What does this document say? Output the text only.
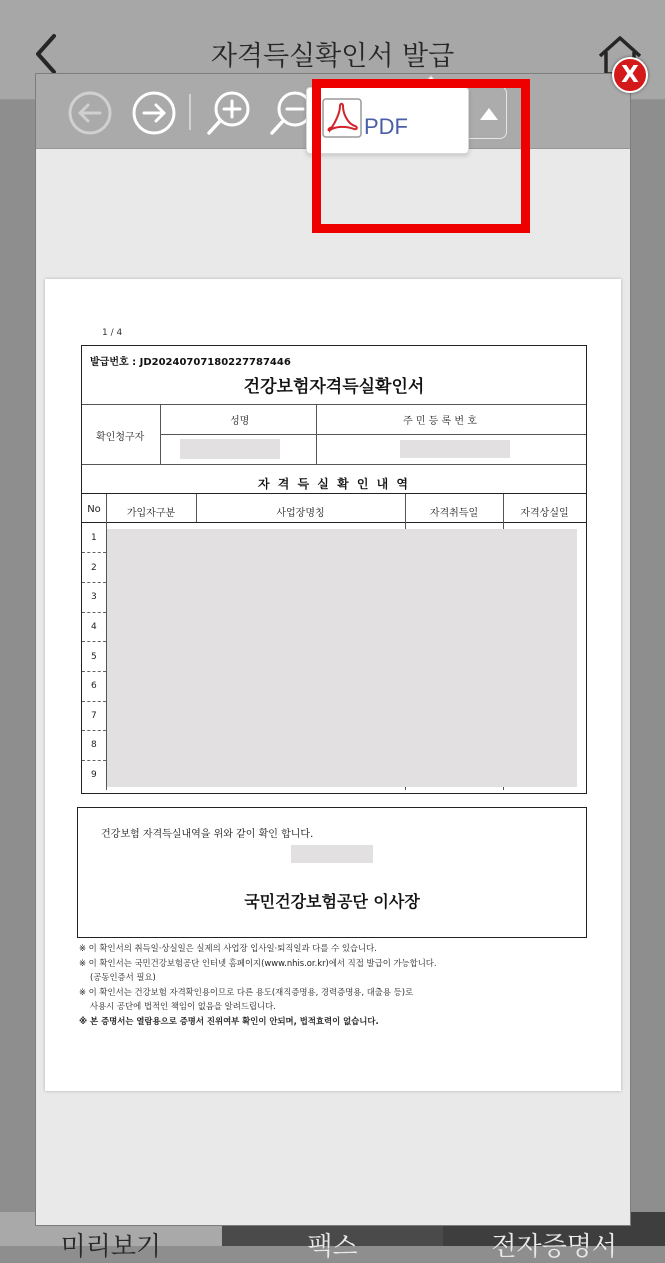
자격득실확인서 발급
미리보기	팩스	전자증명서
PDF
X
1 / 4
발급번호 : JD20240707180227787446
건강보험자격득실확인서
확인청구자
성명	주 민 등 록 번 호
자 격 득 실 확 인 내 역
No	가입자구분	사업장명칭	자격취득일	자격상실일
1
2
3
4
5
6
7
8
9
건강보험 자격득실내역을 위와 같이 확인 합니다.
국민건강보험공단 이사장
※ 이 확인서의 취득일·상실일은 실제의 사업장 입사일·퇴직일과 다를 수 있습니다.
※ 이 확인서는 국민건강보험공단 인터넷 홈페이지(www.nhis.or.kr)에서 직접 발급이 가능합니다.
(공동인증서 필요)
※ 이 확인서는 건강보험 자격확인용이므로 다른 용도(재직증명용, 경력증명용, 대출용 등)로
사용시 공단에 법적인 책임이 없음을 알려드립니다.
※ 본 증명서는 열람용으로 증명서 진위여부 확인이 안되며, 법적효력이 없습니다.
